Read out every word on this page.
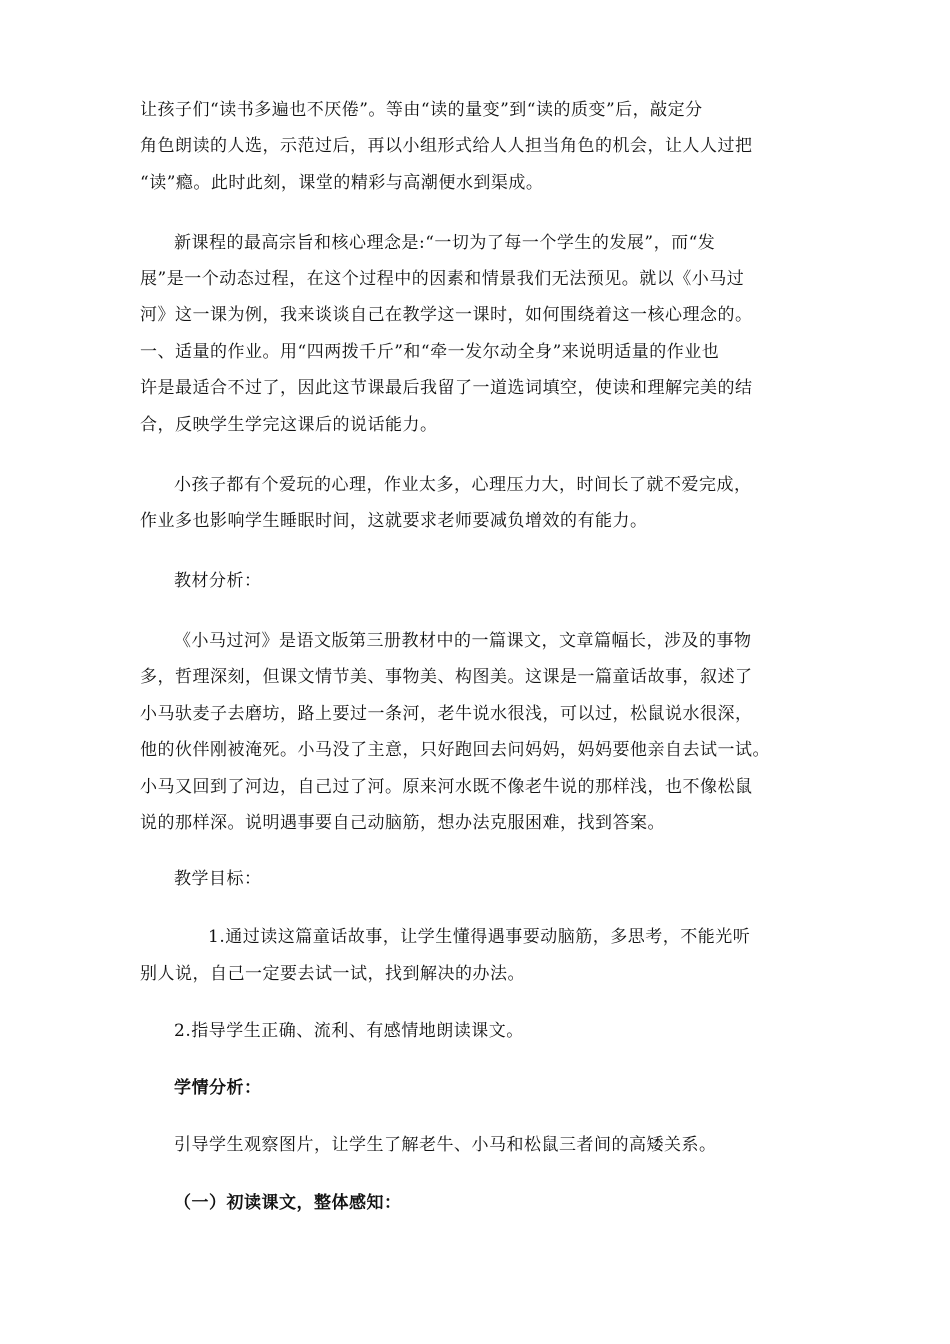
让孩子们“读书多遍也不厌倦”。等由“读的量变”到“读的质变”后，敲定分
角色朗读的人选，示范过后，再以小组形式给人人担当角色的机会，让人人过把
“读”瘾。此时此刻，课堂的精彩与高潮便水到渠成。
新课程的最高宗旨和核心理念是:“一切为了每一个学生的发展”，而“发
展”是一个动态过程，在这个过程中的因素和情景我们无法预见。就以《小马过
河》这一课为例，我来谈谈自己在教学这一课时，如何围绕着这一核心理念的。
一、适量的作业。用“四两拨千斤”和“牵一发尔动全身”来说明适量的作业也
许是最适合不过了，因此这节课最后我留了一道选词填空，使读和理解完美的结
合，反映学生学完这课后的说话能力。
小孩子都有个爱玩的心理，作业太多，心理压力大，时间长了就不爱完成，
作业多也影响学生睡眠时间，这就要求老师要减负增效的有能力。
教材分析：
《小马过河》是语文版第三册教材中的一篇课文，文章篇幅长，涉及的事物
多，哲理深刻，但课文情节美、事物美、构图美。这课是一篇童话故事，叙述了
小马驮麦子去磨坊，路上要过一条河，老牛说水很浅，可以过，松鼠说水很深，
他的伙伴刚被淹死。小马没了主意，只好跑回去问妈妈，妈妈要他亲自去试一试。
小马又回到了河边，自己过了河。原来河水既不像老牛说的那样浅，也不像松鼠
说的那样深。说明遇事要自己动脑筋，想办法克服困难，找到答案。
教学目标：
1.通过读这篇童话故事，让学生懂得遇事要动脑筋，多思考，不能光听
别人说，自己一定要去试一试，找到解决的办法。
2.指导学生正确、流利、有感情地朗读课文。
学情分析：
引导学生观察图片，让学生了解老牛、小马和松鼠三者间的高矮关系。
（一）初读课文，整体感知：
